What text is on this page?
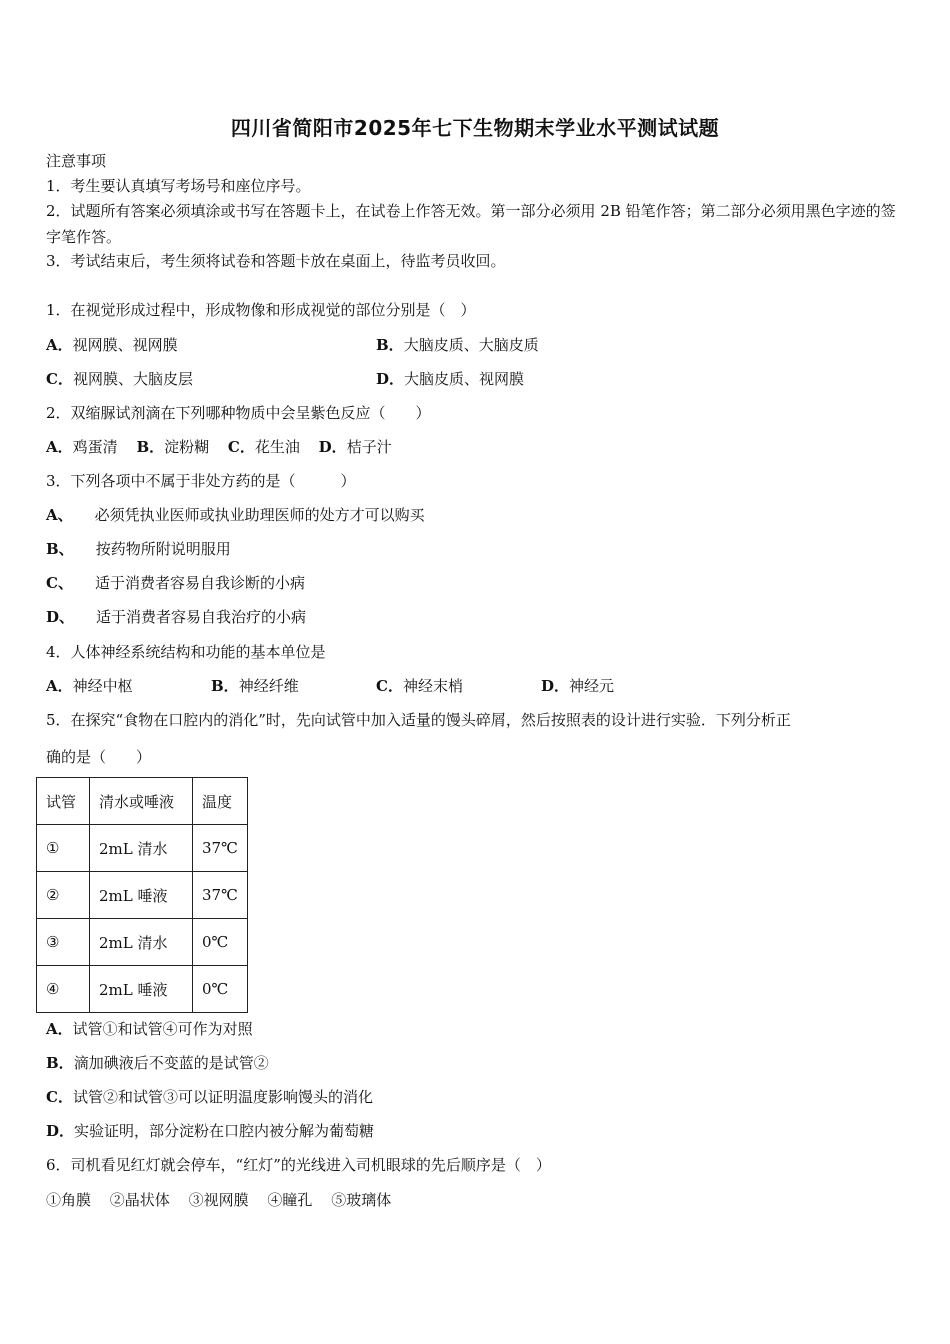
四川省简阳市2025年七下生物期末学业水平测试试题
注意事项
1．考生要认真填写考场号和座位序号。
2．试题所有答案必须填涂或书写在答题卡上，在试卷上作答无效。第一部分必须用 2B 铅笔作答；第二部分必须用黑色字迹的签字笔作答。
3．考试结束后，考生须将试卷和答题卡放在桌面上，待监考员收回。
1．在视觉形成过程中，形成物像和形成视觉的部位分别是（　）
A．视网膜、视网膜	B．大脑皮质、大脑皮质
C．视网膜、大脑皮层	D．大脑皮质、视网膜
2．双缩脲试剂滴在下列哪种物质中会呈紫色反应（　　）
A．鸡蛋清 B．淀粉糊 C．花生油 D．桔子汁
3．下列各项中不属于非处方药的是（　　　）
A、 必须凭执业医师或执业助理医师的处方才可以购买
B、 按药物所附说明服用
C、 适于消费者容易自我诊断的小病
D、 适于消费者容易自我治疗的小病
4．人体神经系统结构和功能的基本单位是
A．神经中枢	B．神经纤维	C．神经末梢	D．神经元
5．在探究“食物在口腔内的消化”时，先向试管中加入适量的馒头碎屑，然后按照表的设计进行实验．下列分析正
确的是（　　）
试管	清水或唾液	温度
①	2mL 清水	37℃
②	2mL 唾液	37℃
③	2mL 清水	0℃
④	2mL 唾液	0℃
A．试管①和试管④可作为对照
B．滴加碘液后不变蓝的是试管②
C．试管②和试管③可以证明温度影响馒头的消化
D．实验证明，部分淀粉在口腔内被分解为葡萄糖
6．司机看见红灯就会停车，“红灯”的光线进入司机眼球的先后顺序是（　）
①角膜 ②晶状体 ③视网膜 ④瞳孔 ⑤玻璃体
